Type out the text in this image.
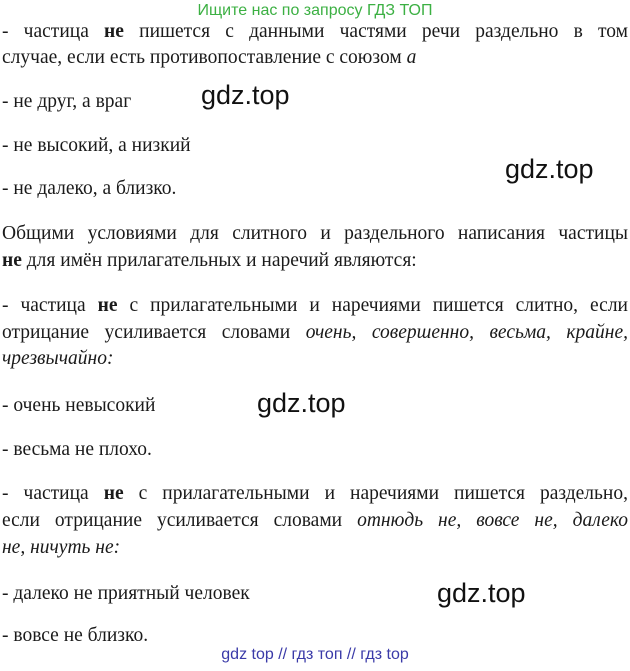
Ищите нас по запросу ГДЗ ТОП
- частица не пишется с данными частями речи раздельно в том
случае, если есть противопоставление с союзом а
- не друг, а враг
- не высокий, а низкий
- не далеко, а близко.
Общими условиями для слитного и раздельного написания частицы
не для имён прилагательных и наречий являются:
- частица не с прилагательными и наречиями пишется слитно, если
отрицание усиливается словами очень, совершенно, весьма, крайне,
чрезвычайно:
- очень невысокий
- весьма не плохо.
- частица не с прилагательными и наречиями пишется раздельно,
если отрицание усиливается словами отнюдь не, вовсе не, далеко
не, ничуть не:
- далеко не приятный человек
- вовсе не близко.
gdz.top
gdz.top
gdz.top
gdz.top
gdz top // гдз топ // гдз top
